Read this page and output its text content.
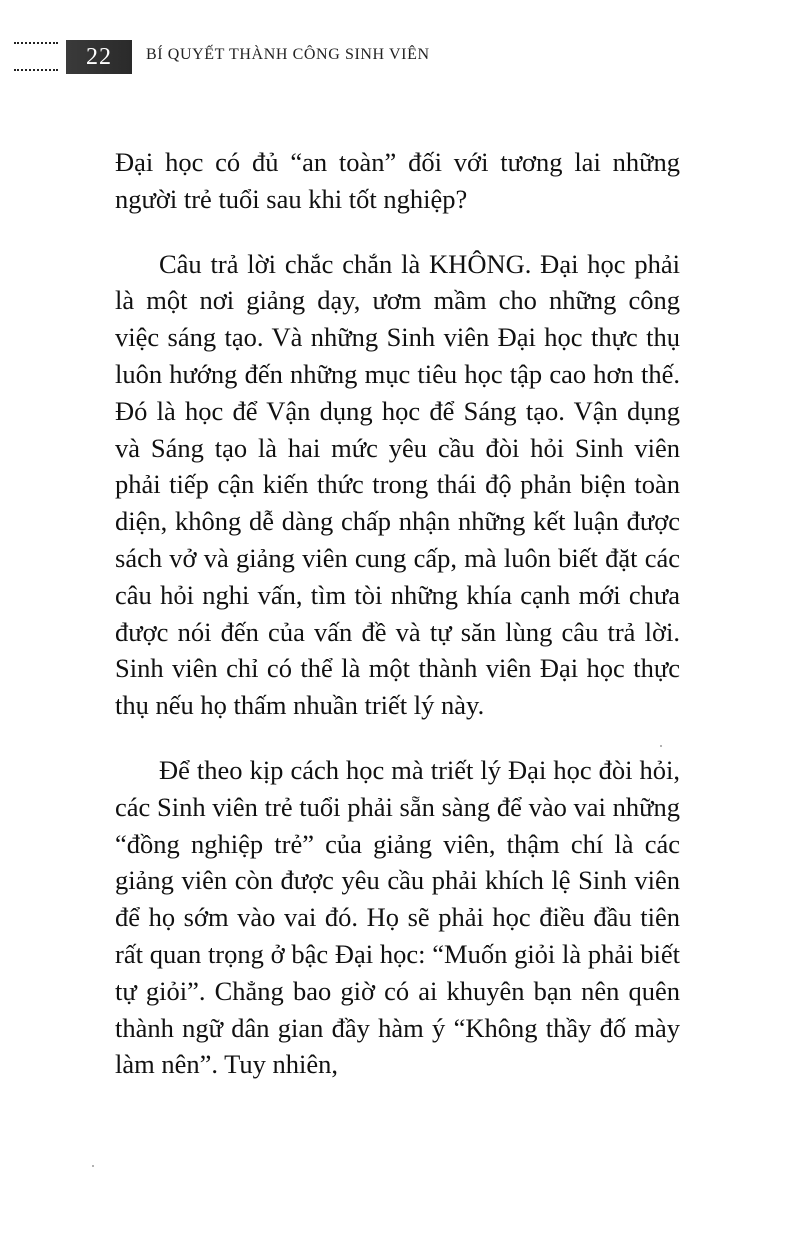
22	BÍ QUYẾT THÀNH CÔNG SINH VIÊN

Đại học có đủ “an toàn” đối với tương lai những người trẻ tuổi sau khi tốt nghiệp?

Câu trả lời chắc chắn là KHÔNG. Đại học phải là một nơi giảng dạy, ươm mầm cho những công việc sáng tạo. Và những Sinh viên Đại học thực thụ luôn hướng đến những mục tiêu học tập cao hơn thế. Đó là học để Vận dụng học để Sáng tạo. Vận dụng và Sáng tạo là hai mức yêu cầu đòi hỏi Sinh viên phải tiếp cận kiến thức trong thái độ phản biện toàn diện, không dễ dàng chấp nhận những kết luận được sách vở và giảng viên cung cấp, mà luôn biết đặt các câu hỏi nghi vấn, tìm tòi những khía cạnh mới chưa được nói đến của vấn đề và tự săn lùng câu trả lời. Sinh viên chỉ có thể là một thành viên Đại học thực thụ nếu họ thấm nhuần triết lý này.

Để theo kịp cách học mà triết lý Đại học đòi hỏi, các Sinh viên trẻ tuổi phải sẵn sàng để vào vai những “đồng nghiệp trẻ” của giảng viên, thậm chí là các giảng viên còn được yêu cầu phải khích lệ Sinh viên để họ sớm vào vai đó. Họ sẽ phải học điều đầu tiên rất quan trọng ở bậc Đại học: “Muốn giỏi là phải biết tự giỏi”. Chẳng bao giờ có ai khuyên bạn nên quên thành ngữ dân gian đầy hàm ý “Không thầy đố mày làm nên”. Tuy nhiên,
